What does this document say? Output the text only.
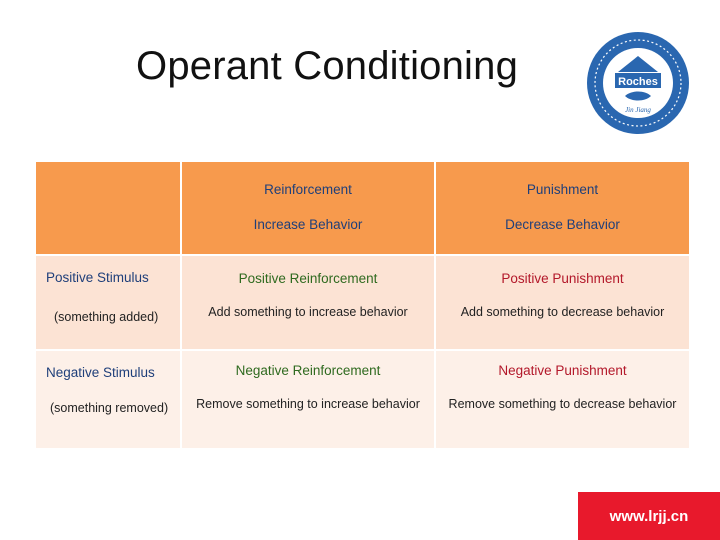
Operant Conditioning	Roches
Jin Jiang
Reinforcement
Increase Behavior
Punishment
Decrease Behavior
Positive Stimulus
(something added)
Positive Reinforcement
Add something to increase behavior
Positive Punishment
Add something to decrease behavior
Negative Stimulus
(something removed)
Negative Reinforcement
Remove something to increase behavior
Negative Punishment
Remove something to decrease behavior
www.lrjj.cn
